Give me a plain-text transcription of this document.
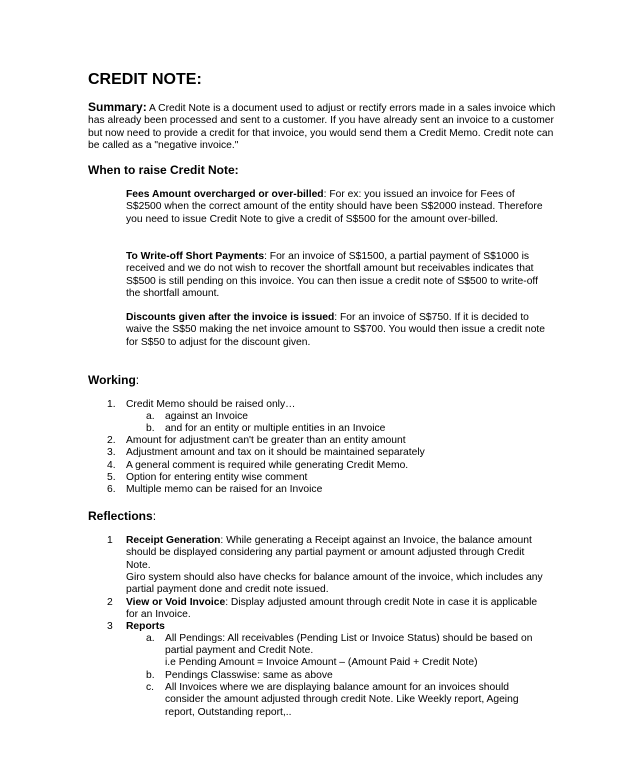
CREDIT NOTE:
Summary: A Credit Note is a document used to adjust or rectify errors made in a sales invoice which has already been processed and sent to a customer. If you have already sent an invoice to a customer but now need to provide a credit for that invoice, you would send them a Credit Memo. Credit note can be called as a "negative invoice."
When to raise Credit Note:
Fees Amount overcharged or over-billed: For ex: you issued an invoice for Fees of S$2500 when the correct amount of the entity should have been S$2000 instead. Therefore you need to issue Credit Note to give a credit of S$500 for the amount over-billed.
To Write-off Short Payments: For an invoice of S$1500, a partial payment of S$1000 is received and we do not wish to recover the shortfall amount but receivables indicates that S$500 is still pending on this invoice. You can then issue a credit note of S$500 to write-off the shortfall amount.
Discounts given after the invoice is issued: For an invoice of S$750. If it is decided to waive the S$50 making the net invoice amount to S$700. You would then issue a credit note for S$50 to adjust for the discount given.
Working:
1. Credit Memo should be raised only…
a. against an Invoice
b. and for an entity or multiple entities in an Invoice
2. Amount for adjustment can't be greater than an entity amount
3. Adjustment amount and tax on it should be maintained separately
4. A general comment is required while generating Credit Memo.
5. Option for entering entity wise comment
6. Multiple memo can be raised for an Invoice
Reflections:
1 Receipt Generation: While generating a Receipt against an Invoice, the balance amount should be displayed considering any partial payment or amount adjusted through Credit Note.
Giro system should also have checks for balance amount of the invoice, which includes any partial payment done and credit note issued.
2 View or Void Invoice: Display adjusted amount through credit Note in case it is applicable for an Invoice.
3 Reports
a. All Pendings: All receivables (Pending List or Invoice Status) should be based on partial payment and Credit Note.
i.e Pending Amount = Invoice Amount – (Amount Paid + Credit Note)
b. Pendings Classwise: same as above
c. All Invoices where we are displaying balance amount for an invoices should consider the amount adjusted through credit Note. Like Weekly report, Ageing report, Outstanding report,..
